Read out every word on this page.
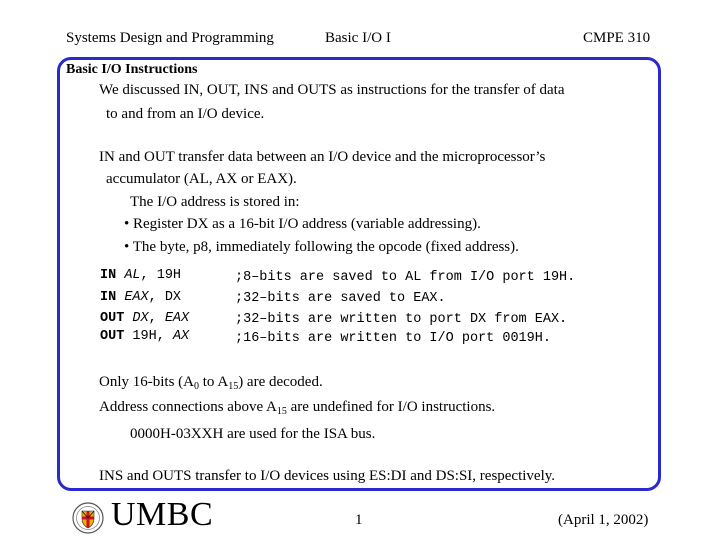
Systems Design and Programming	Basic I/O I	CMPE 310
Basic I/O Instructions
We discussed IN, OUT, INS and OUTS as instructions for the transfer of data
to and from an I/O device.
IN and OUT transfer data between an I/O device and the microprocessor’s
accumulator (AL, AX or EAX).
The I/O address is stored in:
• Register DX as a 16-bit I/O address (variable addressing).
• The byte, p8, immediately following the opcode (fixed address).
IN AL, 19H	;8–bits are saved to AL from I/O port 19H.
IN EAX, DX	;32–bits are saved to EAX.
OUT DX, EAX	;32–bits are written to port DX from EAX.
OUT 19H, AX	;16–bits are written to I/O port 0019H.
Only 16-bits ($A_0$ to $A_{15}$) are decoded.
Address connections above $A_{15}$ are undefined for I/O instructions.
0000H-03XXH are used for the ISA bus.
INS and OUTS transfer to I/O devices using ES:DI and DS:SI, respectively.
UMBC	1	(April 1, 2002)
